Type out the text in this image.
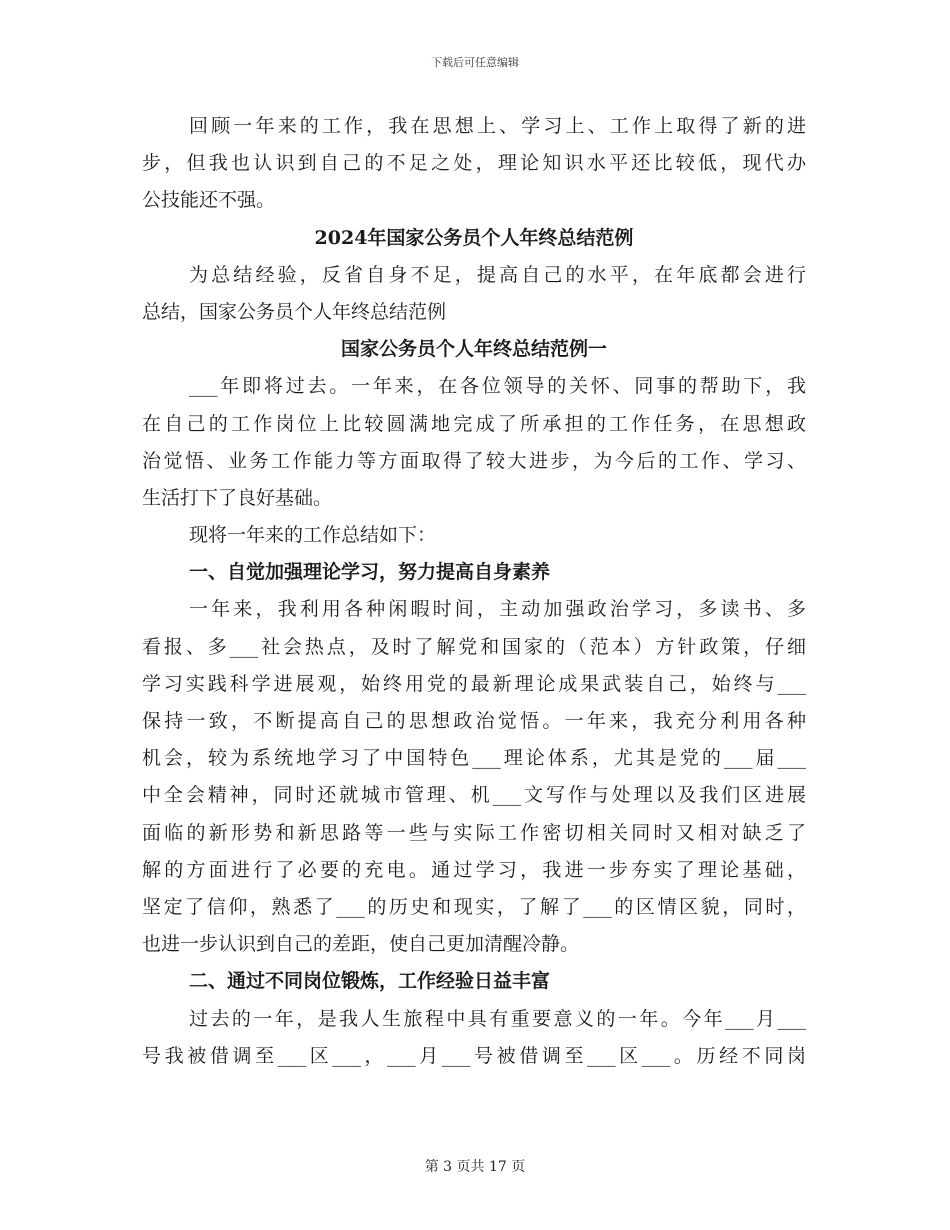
下载后可任意编辑
回顾一年来的工作，我在思想上、学习上、工作上取得了新的进
步，但我也认识到自己的不足之处，理论知识水平还比较低，现代办
公技能还不强。
2024年国家公务员个人年终总结范例
为总结经验，反省自身不足，提高自己的水平，在年底都会进行
总结，国家公务员个人年终总结范例
国家公务员个人年终总结范例一
___年即将过去。一年来，在各位领导的关怀、同事的帮助下，我
在自己的工作岗位上比较圆满地完成了所承担的工作任务，在思想政
治觉悟、业务工作能力等方面取得了较大进步，为今后的工作、学习、
生活打下了良好基础。
现将一年来的工作总结如下：
一、自觉加强理论学习，努力提高自身素养
一年来，我利用各种闲暇时间，主动加强政治学习，多读书、多
看报、多___社会热点，及时了解党和国家的（范本）方针政策，仔细
学习实践科学进展观，始终用党的最新理论成果武装自己，始终与___
保持一致，不断提高自己的思想政治觉悟。一年来，我充分利用各种
机会，较为系统地学习了中国特色___理论体系，尤其是党的___届___
中全会精神，同时还就城市管理、机___文写作与处理以及我们区进展
面临的新形势和新思路等一些与实际工作密切相关同时又相对缺乏了
解的方面进行了必要的充电。通过学习，我进一步夯实了理论基础，
坚定了信仰，熟悉了___的历史和现实，了解了___的区情区貌，同时，
也进一步认识到自己的差距，使自己更加清醒冷静。
二、通过不同岗位锻炼，工作经验日益丰富
过去的一年，是我人生旅程中具有重要意义的一年。今年___月___
号我被借调至___区___，___月___号被借调至___区___。历经不同岗
第 3 页共 17 页
